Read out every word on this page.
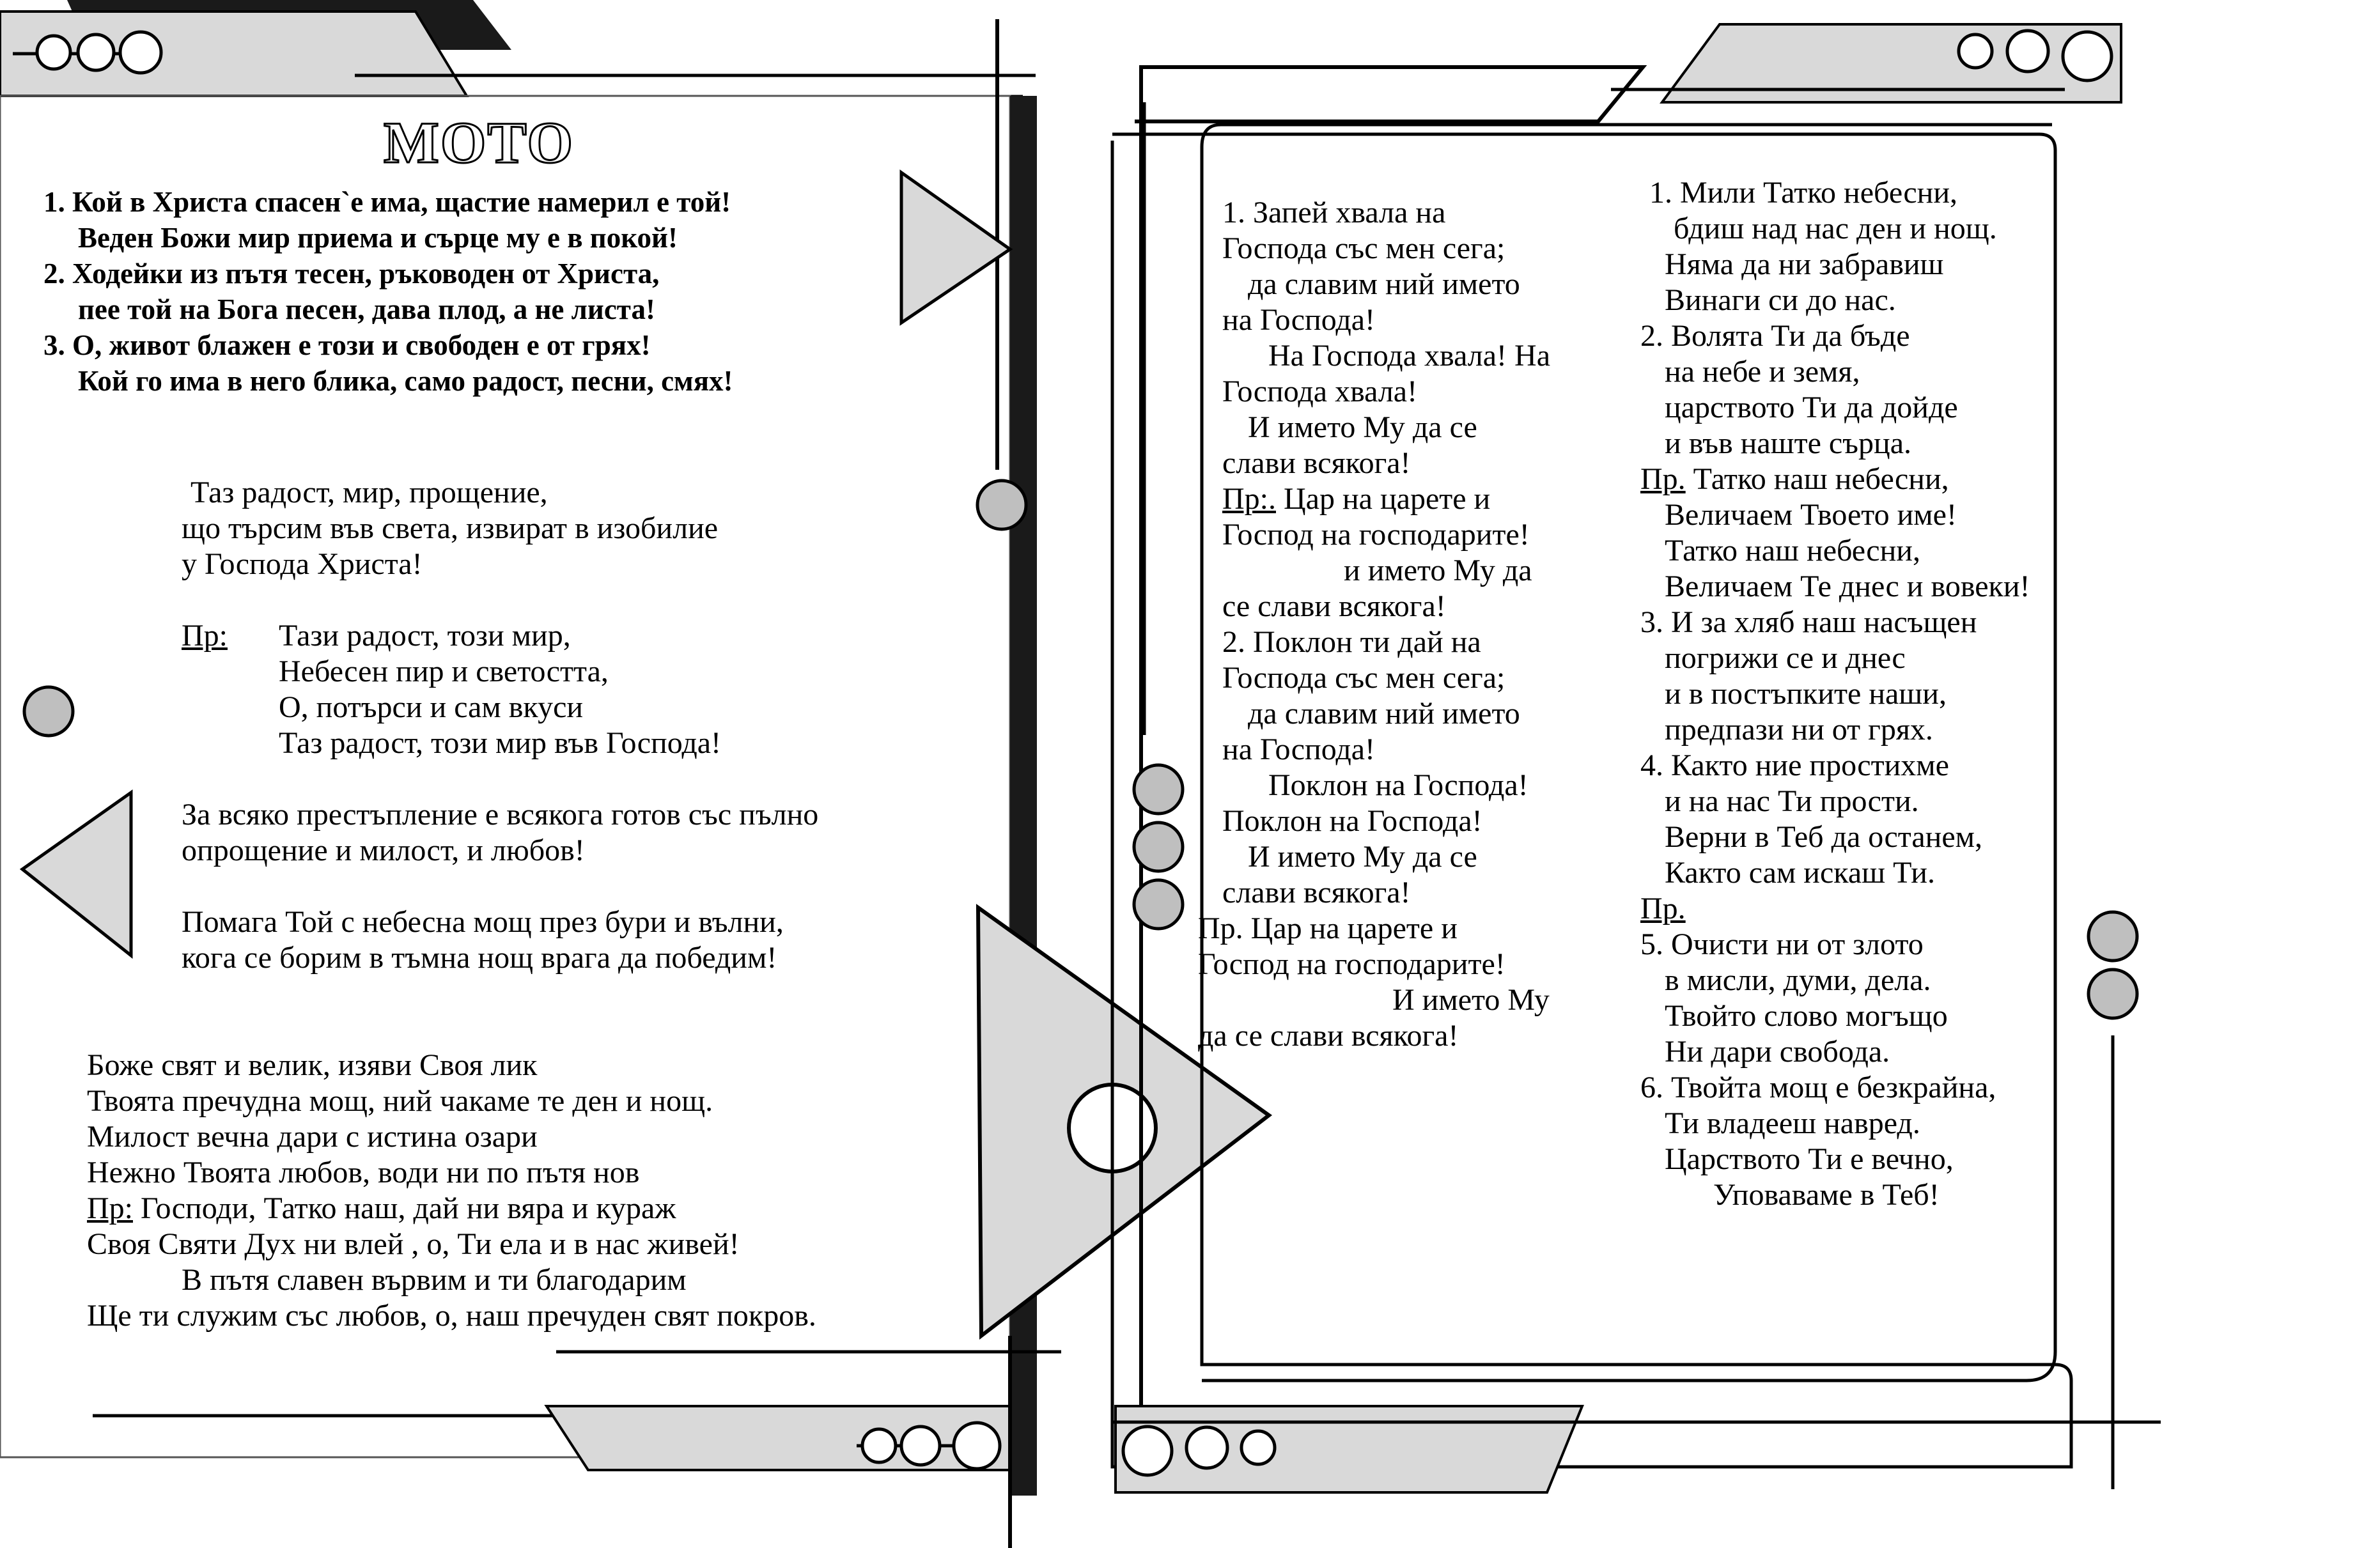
МОТО
1. Кой в Христа спасен`е има, щастие намерил е той!
Веден Божи мир приема и сърце му е в покой!
2. Ходейки из пътя тесен, ръководен от Христа,
пее той на Бога песен, дава плод, а не листа!
3. О, живот блажен е този и свободен е от грях!
Кой го има в него блика, само радост, песни, смях!
Таз радост, мир, прощение,
що търсим във света, извират в изобилие
у Господа Христа!
Пр: Тази радост, този мир,
Небесен пир и светостта,
О, потърси и сам вкуси
Таз радост, този мир във Господа!
За всяко престъпление е всякога готов със пълно
опрощение и милост, и любов!
Помага Той с небесна мощ през бури и вълни,
кога се борим в тъмна нощ врага да победим!
Боже свят и велик, изяви Своя лик
Твоята пречудна мощ, ний чакаме те ден и нощ.
Милост вечна дари с истина озари
Нежно Твоята любов, води ни по пътя нов
Пр: Господи, Татко наш, дай ни вяра и кураж
Своя Святи Дух ни влей , о, Ти ела и в нас живей!
В пътя славен вървим и ти благодарим
Ще ти служим със любов, о, наш пречуден свят покров.
1. Запей хвала на
Господа със мен сега;
да славим ний името
на Господа!
На Господа хвала! На
Господа хвала!
И името Му да се
слави всякога!
Пр:. Цар на царете и
Господ на господарите!
и името Му да
се слави всякога!
2. Поклон ти дай на
Господа със мен сега;
да славим ний името
на Господа!
Поклон на Господа!
Поклон на Господа!
И името Му да се
слави всякога!
Пр. Цар на царете и
Господ на господарите!
И името Му
да се слави всякога!
1. Мили Татко небесни,
бдиш над нас ден и нощ.
Няма да ни забравиш
Винаги си до нас.
2. Волята Ти да бъде
на небе и земя,
царството Ти да дойде
и във наште сърца.
Пр. Татко наш небесни,
Величаем Твоето име!
Татко наш небесни,
Величаем Те днес и вовеки!
3. И за хляб наш насъщен
погрижи се и днес
и в постъпките наши,
предпази ни от грях.
4. Както ние простихме
и на нас Ти прости.
Верни в Теб да останем,
Както сам искаш Ти.
Пр.
5. Очисти ни от злото
в мисли, думи, дела.
Твойто слово могъщо
Ни дари свобода.
6. Твойта мощ е безкрайна,
Ти владееш навред.
Царството Ти е вечно,
Уповаваме в Теб!
